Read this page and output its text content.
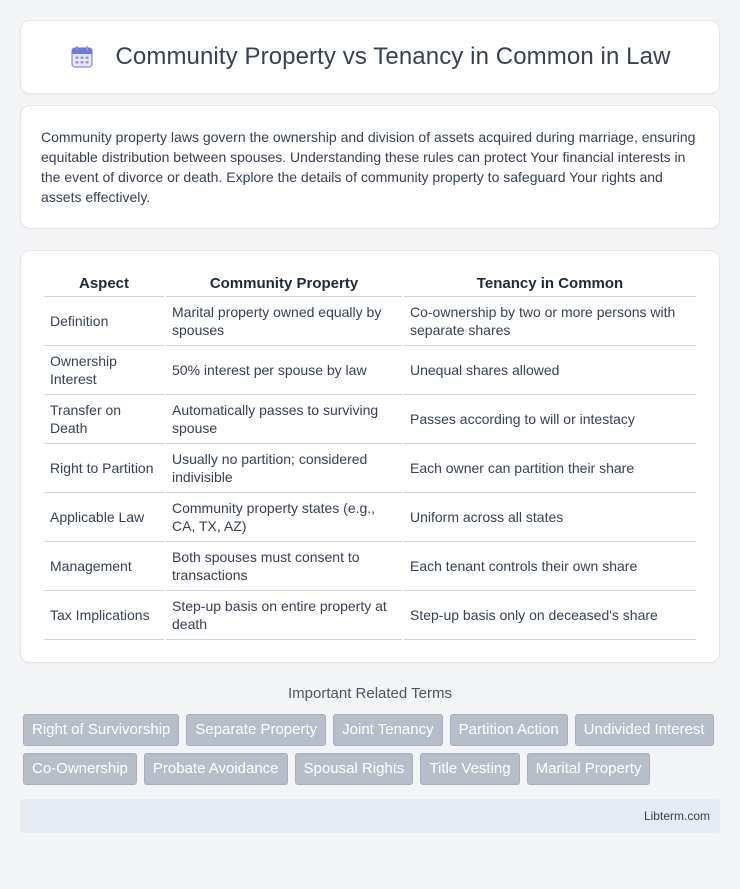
Community Property vs Tenancy in Common in Law

Community property laws govern the ownership and division of assets acquired during marriage, ensuring equitable distribution between spouses. Understanding these rules can protect Your financial interests in the event of divorce or death. Explore the details of community property to safeguard Your rights and assets effectively.

Aspect	Community Property	Tenancy in Common
Definition	Marital property owned equally by spouses	Co-ownership by two or more persons with separate shares
Ownership Interest	50% interest per spouse by law	Unequal shares allowed
Transfer on Death	Automatically passes to surviving spouse	Passes according to will or intestacy
Right to Partition	Usually no partition; considered indivisible	Each owner can partition their share
Applicable Law	Community property states (e.g., CA, TX, AZ)	Uniform across all states
Management	Both spouses must consent to transactions	Each tenant controls their own share
Tax Implications	Step-up basis on entire property at death	Step-up basis only on deceased's share
Important Related Terms
Right of Survivorship	Separate Property	Joint Tenancy	Partition Action	Undivided Interest
Co-Ownership	Probate Avoidance	Spousal Rights	Title Vesting	Marital Property
Libterm.com
